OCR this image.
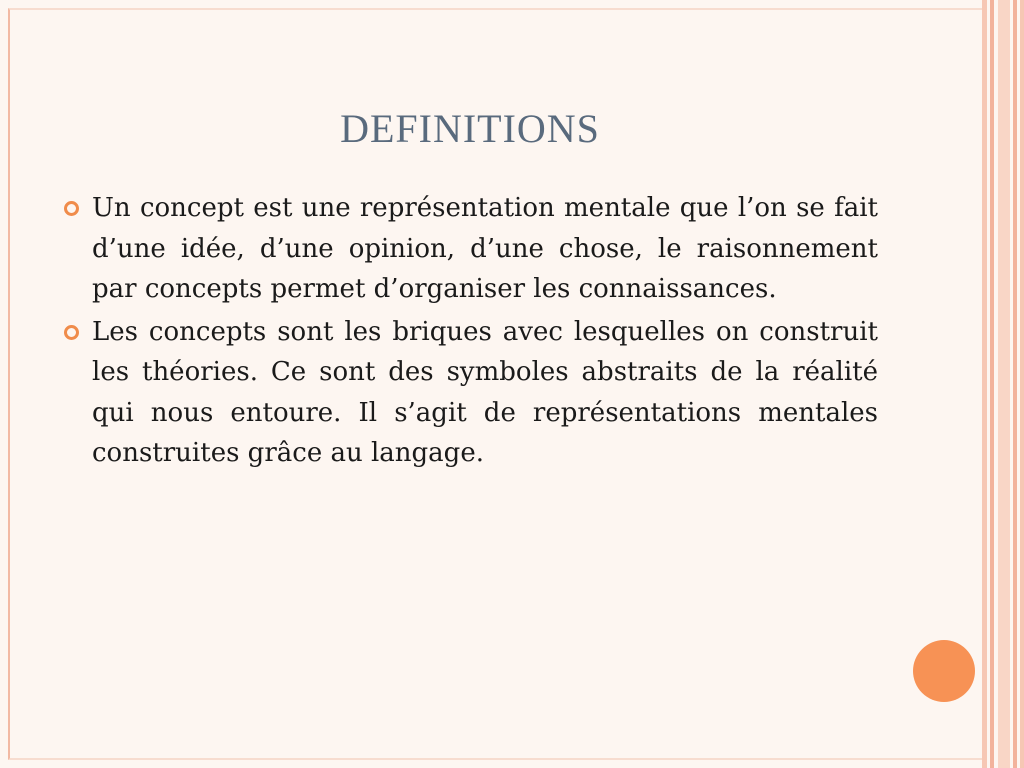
DEFINITIONS
Un concept est une représentation mentale que l’on se fait d’une idée, d’une opinion, d’une chose, le raisonnement par concepts permet d’organiser les connaissances.
Les concepts sont les briques avec lesquelles on construit les théories. Ce sont des symboles abstraits de la réalité qui nous entoure. Il s’agit de représentations mentales construites grâce au langage.
